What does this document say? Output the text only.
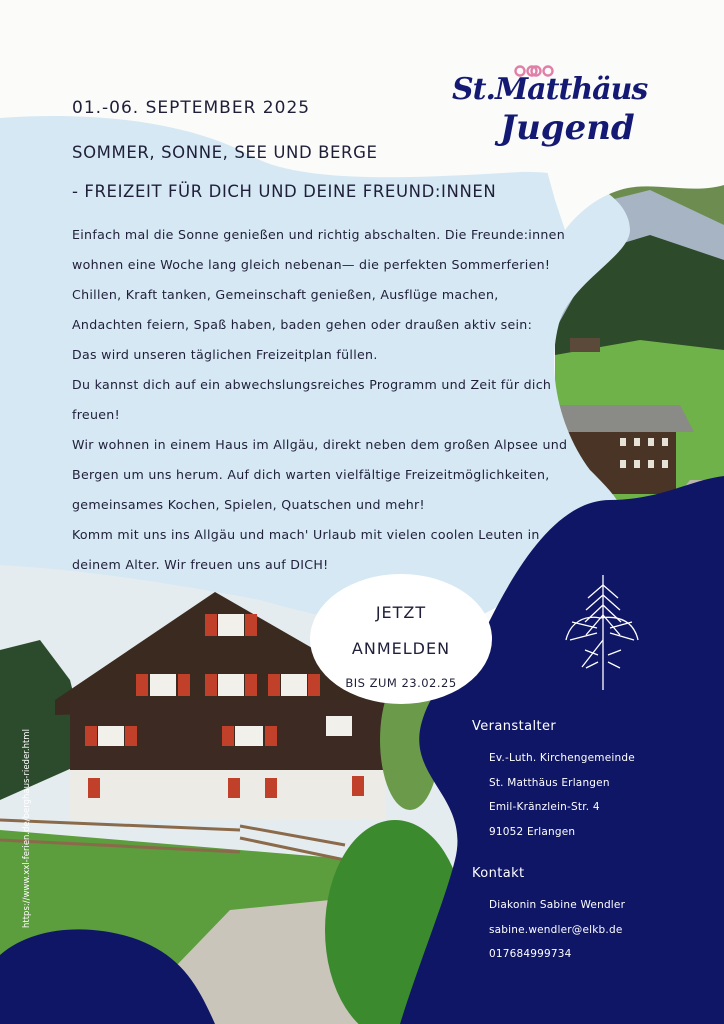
St.Matthäus
Jugend
01.-06. SEPTEMBER 2025
SOMMER, SONNE, SEE UND BERGE
- FREIZEIT FÜR DICH UND DEINE FREUND:INNEN

Einfach mal die Sonne genießen und richtig abschalten. Die Freunde:innen

wohnen eine Woche lang gleich nebenan— die perfekten Sommerferien!

Chillen, Kraft tanken, Gemeinschaft genießen, Ausflüge machen,

Andachten feiern, Spaß haben, baden gehen oder draußen aktiv sein:

Das wird unseren täglichen Freizeitplan füllen.

Du kannst dich auf ein abwechslungsreiches Programm und Zeit für dich

freuen!

Wir wohnen in einem Haus im Allgäu, direkt neben dem großen Alpsee und

Bergen um uns herum. Auf dich warten vielfältige Freizeitmöglichkeiten,

gemeinsames Kochen, Spielen, Quatschen und mehr!

Komm mit uns ins Allgäu und mach' Urlaub mit vielen coolen Leuten in

deinem Alter. Wir freuen uns auf DICH!

JETZT
ANMELDEN
BIS ZUM 23.02.25
Veranstalter
Ev.-Luth. Kirchengemeinde
St. Matthäus Erlangen
Emil-Kränzlein-Str. 4
91052 Erlangen
Kontakt
Diakonin Sabine Wendler
sabine.wendler@elkb.de
017684999734
https://www.xxl-ferien.de/berghaus-rieder.html
